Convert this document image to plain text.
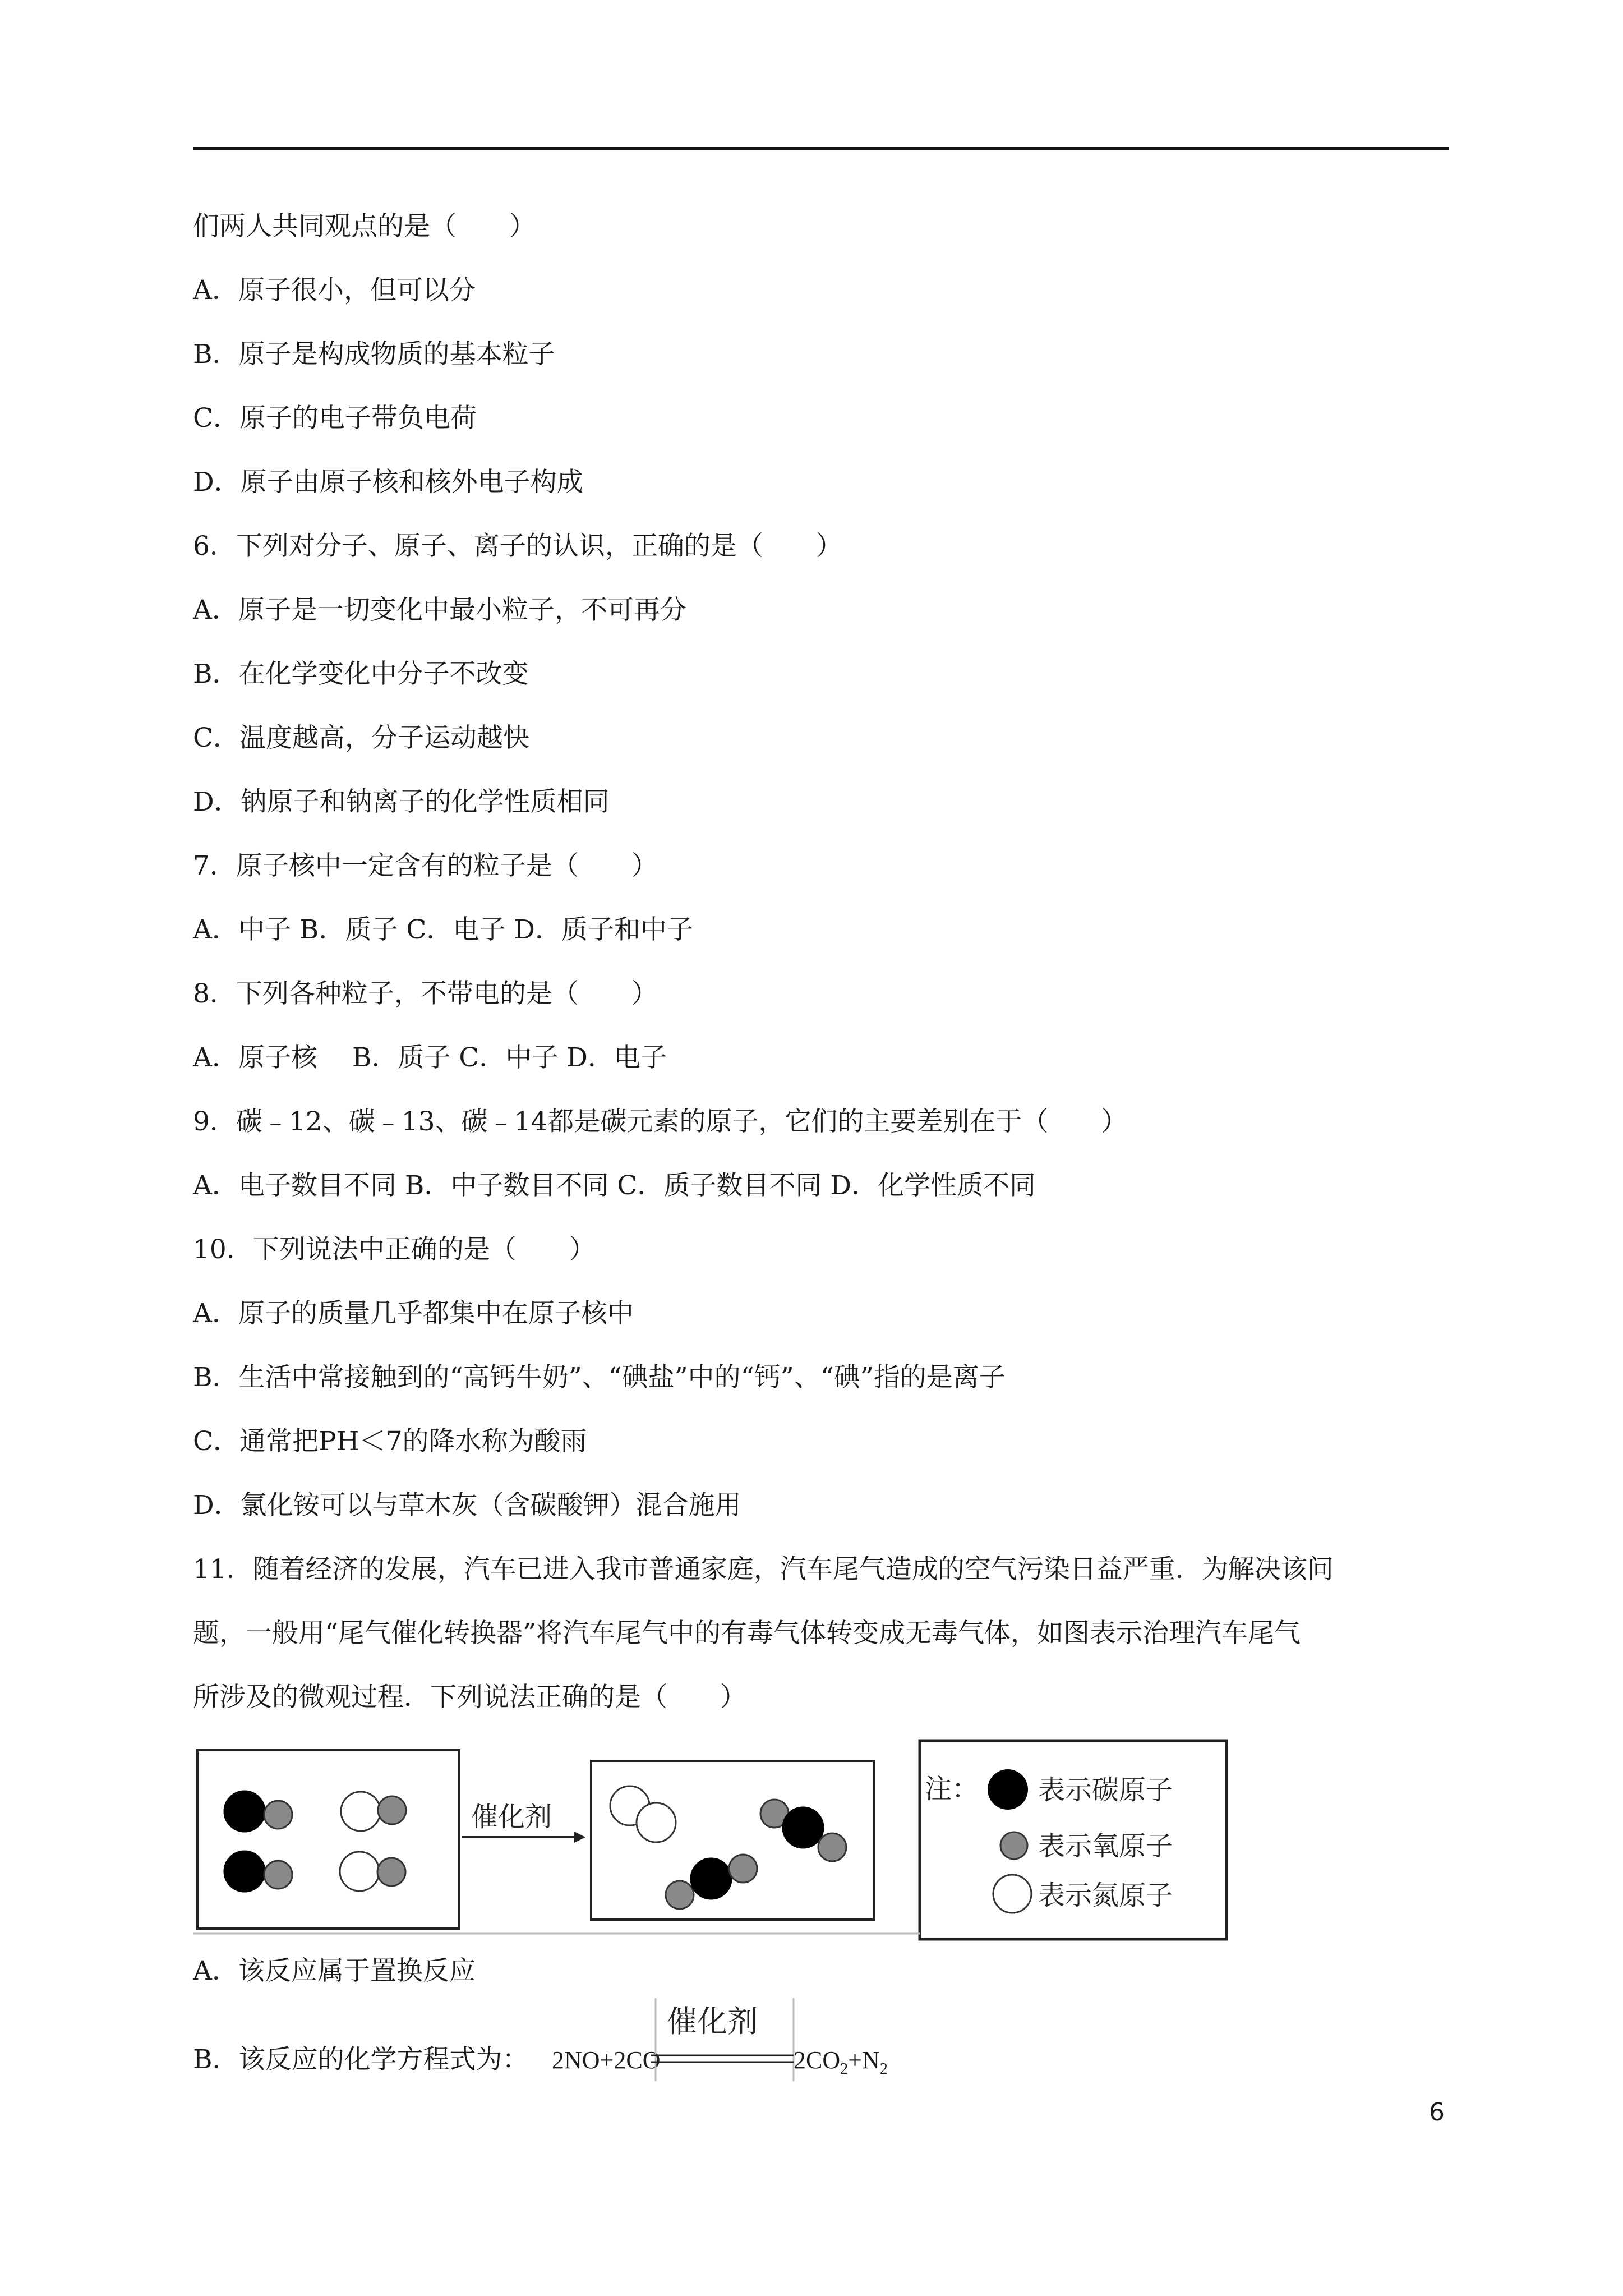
们两人共同观点的是（　　）
A．原子很小，但可以分
B．原子是构成物质的基本粒子
C．原子的电子带负电荷
D．原子由原子核和核外电子构成
6．下列对分子、原子、离子的认识，正确的是（　　）
A．原子是一切变化中最小粒子，不可再分
B．在化学变化中分子不改变
C．温度越高，分子运动越快
D．钠原子和钠离子的化学性质相同
7．原子核中一定含有的粒子是（　　）
A．中子 B．质子 C．电子 D．质子和中子
8．下列各种粒子，不带电的是（　　）
A．原子核　 B．质子 C．中子 D．电子
9．碳﹣12、碳﹣13、碳﹣14都是碳元素的原子，它们的主要差别在于（　　）
A．电子数目不同 B．中子数目不同 C．质子数目不同 D．化学性质不同
10．下列说法中正确的是（　　）
A．原子的质量几乎都集中在原子核中
B．生活中常接触到的“高钙牛奶”、“碘盐”中的“钙”、“碘”指的是离子
C．通常把PH＜7的降水称为酸雨
D．氯化铵可以与草木灰（含碳酸钾）混合施用
11．随着经济的发展，汽车已进入我市普通家庭，汽车尾气造成的空气污染日益严重．为解决该问
题，一般用“尾气催化转换器”将汽车尾气中的有毒气体转变成无毒气体，如图表示治理汽车尾气
所涉及的微观过程．下列说法正确的是（　　）
A．该反应属于置换反应
催化剂
注： 表示碳原子
表示氧原子
表示氮原子
B．该反应的化学方程式为： 2NO+2CO
催化剂
$2CO_2+N_2$
6
